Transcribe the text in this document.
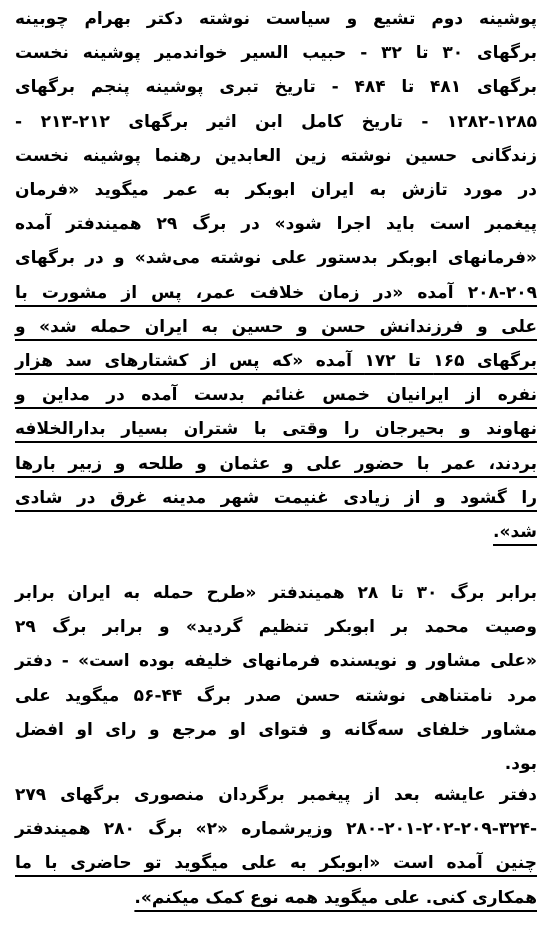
پوشینه دوم تشیع و سیاست نوشته دکتر بهرام چوبینه
برگهای ۳۰ تا ۳۲ - حبیب السیر خواندمیر پوشینه نخست
برگهای ۴۸۱ تا ۴۸۴ - تاریخ تبری پوشینه پنجم برگهای
۱۲۸۲-۱۲۸۵ - تاریخ کامل ابن اثیر برگهای ۲۱۲-۲۱۳ -
زندگانی حسین نوشته زین العابدین رهنما پوشینه نخست
در مورد تازش به ایران ابوبکر به عمر میگوید «فرمان
پیغمبر است باید اجرا شود» در برگ ۲۹ همیندفتر آمده
«فرمانهای ابوبکر بدستور علی نوشته می‌شد» و در برگهای
۲۰۸-۲۰۹ آمده «در زمان خلافت عمر، پس از مشورت با
علی و فرزندانش حسن و حسین به ایران حمله شد» و
برگهای ۱۶۵ تا ۱۷۲ آمده «که پس از کشتارهای سد هزار
نفره از ایرانیان خمس غنائم بدست آمده در مداین و
نهاوند و بحیرجان را وقتی با شتران بسیار بدارالخلافه
بردند، عمر با حضور علی و عثمان و طلحه و زبیر بارها
را گشود و از زیادی غنیمت شهر مدینه غرق در شادی
شد».
برابر برگ ۳۰ تا ۲۸ همیندفتر «طرح حمله به ایران برابر
وصیت محمد بر ابوبکر تنظیم گردید» و برابر برگ ۲۹
«علی مشاور و نویسنده فرمانهای خلیفه بوده است» - دفتر
مرد نامتناهی نوشته حسن صدر برگ ۴۴-۵۶ میگوید علی
مشاور خلفای سه‌گانه و فتوای او مرجع و رای او افضل
بود.
دفتر عایشه بعد از پیغمبر برگردان منصوری برگهای ۲۷۹
-۲۸۰-۲۰۱-۲۰۲-۲۰۹-۳۲۴ وزیرشماره «۲» برگ ۲۸۰ همیندفتر
چنین آمده است «ابوبکر به علی میگوید تو حاضری با ما
همکاری کنی. علی میگوید همه نوع کمک میکنم».
